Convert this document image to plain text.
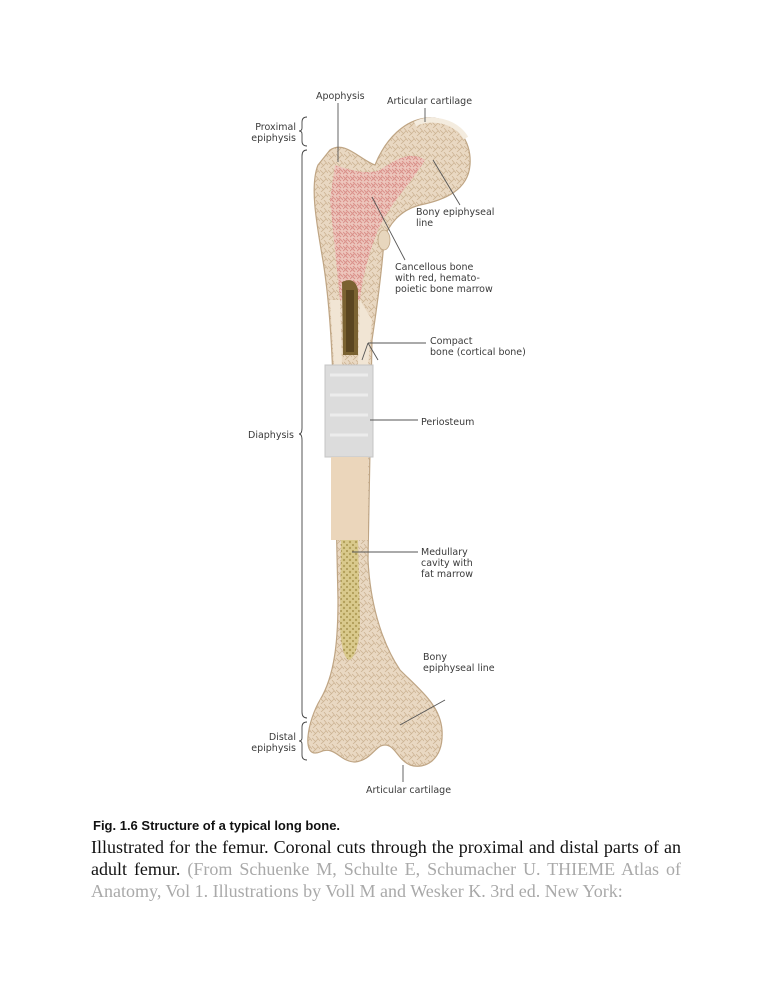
Apophysis Articular cartilage
Proximal
epiphysis
Bony epiphyseal
line
Cancellous bone
with red, hemato-
poietic bone marrow
Compact
bone (cortical bone)
Periosteum
Diaphysis
Medullary
cavity with
fat marrow
Bony
epiphyseal line
Distal
epiphysis
Articular cartilage
Fig. 1.6 Structure of a typical long bone.
Illustrated for the femur. Coronal cuts through the proximal and distal parts of an adult femur. (From Schuenke M, Schulte E, Schumacher U. THIEME Atlas of Anatomy, Vol 1. Illustrations by Voll M and Wesker K. 3rd ed. New York:
